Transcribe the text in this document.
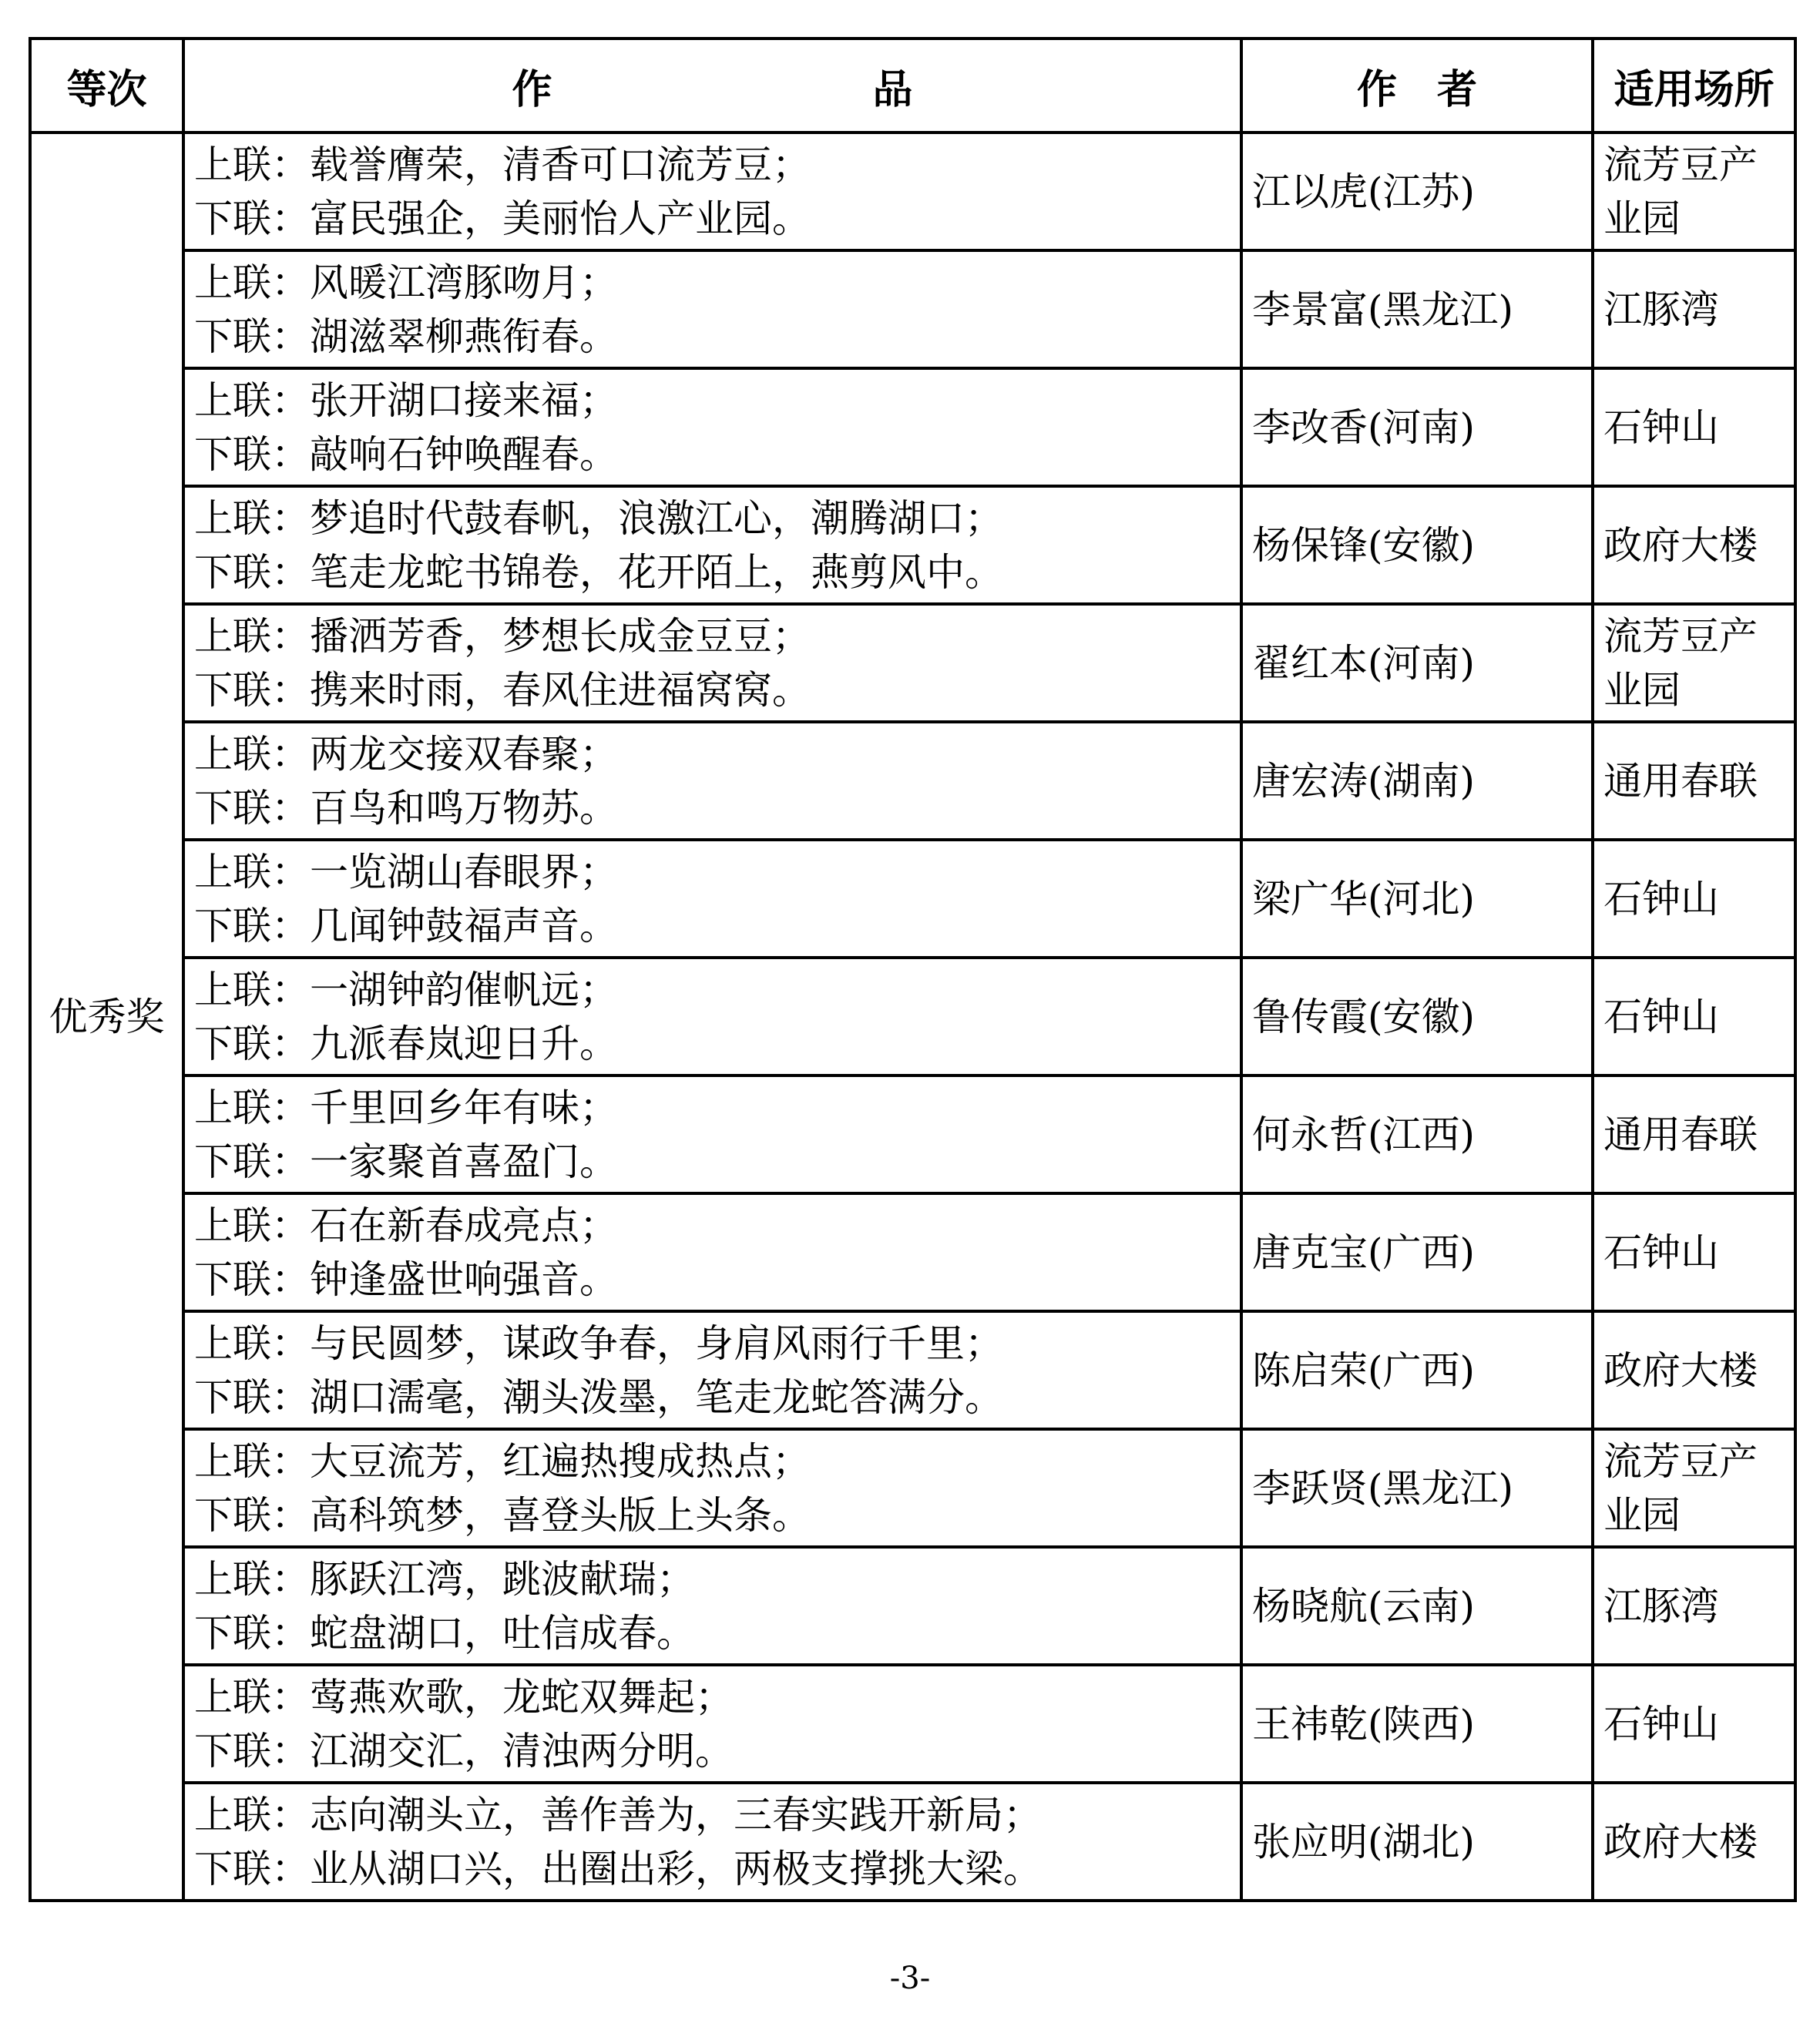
等次	作　　　　　　　　品	作　者	适用场所
优秀奖	上联：载誉膺荣，清香可口流芳豆；
下联：富民强企，美丽怡人产业园。	江以虎(江苏)	流芳豆产业园

	上联：风暖江湾豚吻月；
下联：湖滋翠柳燕衔春。	李景富(黑龙江)	江豚湾

	上联：张开湖口接来福；
下联：敲响石钟唤醒春。	李改香(河南)	石钟山

	上联：梦追时代鼓春帆，浪激江心，潮腾湖口；
下联：笔走龙蛇书锦卷，花开陌上，燕剪风中。	杨保锋(安徽)	政府大楼

	上联：播洒芳香，梦想长成金豆豆；
下联：携来时雨，春风住进福窝窝。	翟红本(河南)	流芳豆产业园

	上联：两龙交接双春聚；
下联：百鸟和鸣万物苏。	唐宏涛(湖南)	通用春联

	上联：一览湖山春眼界；
下联：几闻钟鼓福声音。	梁广华(河北)	石钟山

	上联：一湖钟韵催帆远；
下联：九派春岚迎日升。	鲁传霞(安徽)	石钟山

	上联：千里回乡年有味；
下联：一家聚首喜盈门。	何永哲(江西)	通用春联

	上联：石在新春成亮点；
下联：钟逢盛世响强音。	唐克宝(广西)	石钟山

	上联：与民圆梦，谋政争春，身肩风雨行千里；
下联：湖口濡毫，潮头泼墨，笔走龙蛇答满分。	陈启荣(广西)	政府大楼

	上联：大豆流芳，红遍热搜成热点；
下联：高科筑梦，喜登头版上头条。	李跃贤(黑龙江)	流芳豆产业园

	上联：豚跃江湾，跳波献瑞；
下联：蛇盘湖口，吐信成春。	杨晓航(云南)	江豚湾

	上联：莺燕欢歌，龙蛇双舞起；
下联：江湖交汇，清浊两分明。	王祎乾(陕西)	石钟山

	上联：志向潮头立，善作善为，三春实践开新局；
下联：业从湖口兴，出圈出彩，两极支撑挑大梁。	张应明(湖北)	政府大楼
-3-
